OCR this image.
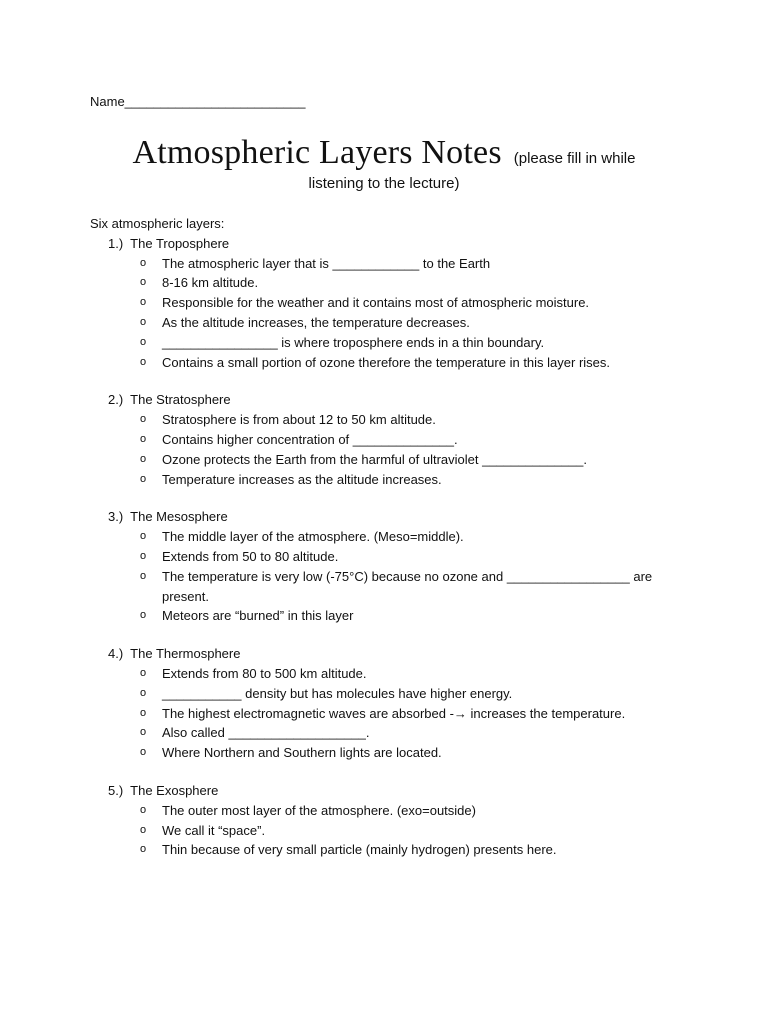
Name_________________________
Atmospheric Layers Notes (please fill in while
listening to the lecture)
Six atmospheric layers:
1.)  The Troposphere
o The atmospheric layer that is ____________ to the Earth
o 8-16 km altitude.
o Responsible for the weather and it contains most of atmospheric moisture.
o As the altitude increases, the temperature decreases.
o ________________ is where troposphere ends in a thin boundary.
o Contains a small portion of ozone therefore the temperature in this layer rises.
2.)  The Stratosphere
o Stratosphere is from about 12 to 50 km altitude.
o Contains higher concentration of ______________.
o Ozone protects the Earth from the harmful of ultraviolet ______________.
o Temperature increases as the altitude increases.
3.)  The Mesosphere
o The middle layer of the atmosphere. (Meso=middle).
o Extends from 50 to 80 altitude.
o The temperature is very low (-75°C) because no ozone and _________________ are present.
o Meteors are “burned” in this layer
4.)  The Thermosphere
o Extends from 80 to 500 km altitude.
o ___________ density but has molecules have higher energy.
o The highest electromagnetic waves are absorbed -→ increases the temperature.
o Also called ___________________.
o Where Northern and Southern lights are located.
5.)  The Exosphere
o The outer most layer of the atmosphere. (exo=outside)
o We call it “space”.
o Thin because of very small particle (mainly hydrogen) presents here.
